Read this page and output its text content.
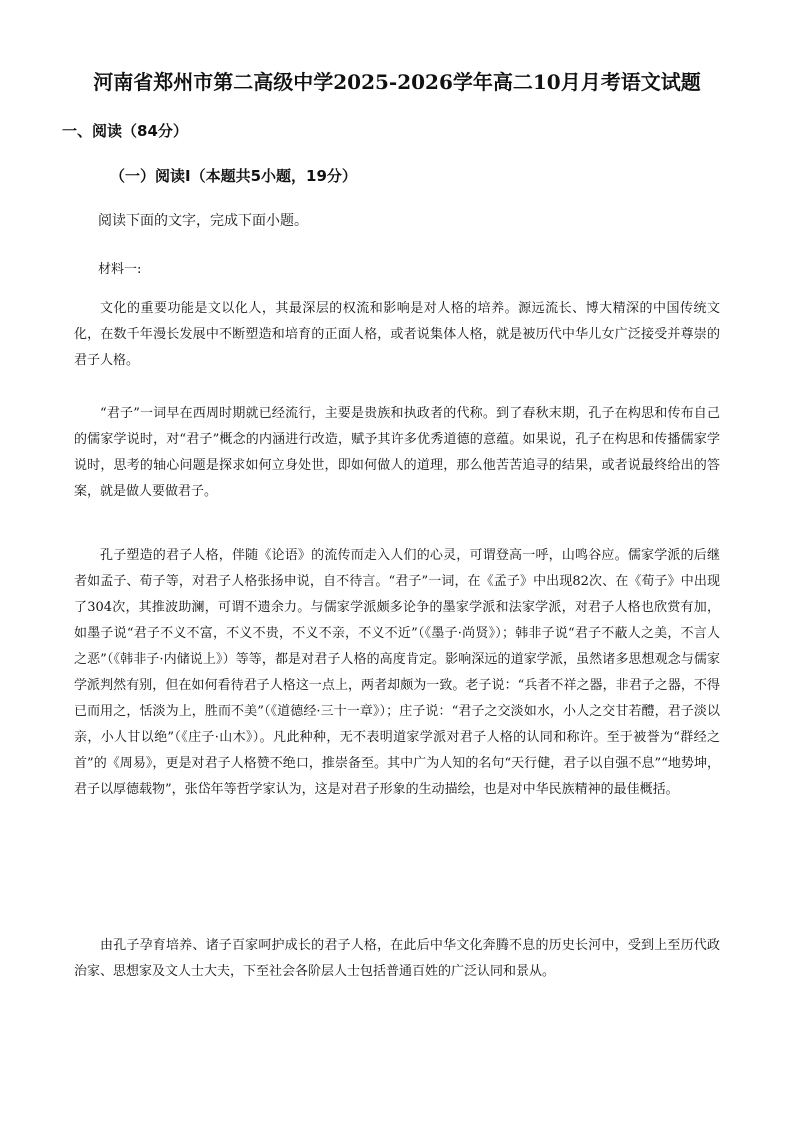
河南省郑州市第二高级中学2025-2026学年高二10月月考语文试题
一、阅读（84分）
（一）阅读Ⅰ（本题共5小题，19分）
阅读下面的文字，完成下面小题。
材料一:

文化的重要功能是文以化人，其最深层的权流和影响是对人格的培养。源远流长、博大精深的中国传统文化，在数千年漫长发展中不断塑造和培育的正面人格，或者说集体人格，就是被历代中华儿女广泛接受并尊崇的君子人格。

“君子”一词早在西周时期就已经流行，主要是贵族和执政者的代称。到了春秋末期，孔子在构思和传布自己的儒家学说时，对“君子”概念的内涵进行改造，赋予其许多优秀道德的意蕴。如果说，孔子在构思和传播儒家学说时，思考的轴心问题是探求如何立身处世，即如何做人的道理，那么他苦苦追寻的结果，或者说最终给出的答案，就是做人要做君子。

孔子塑造的君子人格，伴随《论语》的流传而走入人们的心灵，可谓登高一呼，山鸣谷应。儒家学派的后继者如孟子、荀子等，对君子人格张扬申说，自不待言。“君子”一词，在《孟子》中出现82次、在《荀子》中出现了304次，其推波助澜，可谓不遗余力。与儒家学派颇多论争的墨家学派和法家学派，对君子人格也欣赏有加，如墨子说“君子不义不富，不义不贵，不义不亲，不义不近”（《墨子·尚贤》）；韩非子说“君子不蔽人之美，不言人之恶”（《韩非子·内储说上》）等等，都是对君子人格的高度肯定。影响深远的道家学派，虽然诸多思想观念与儒家学派判然有别，但在如何看待君子人格这一点上，两者却颇为一致。老子说：“兵者不祥之器，非君子之器，不得已而用之，恬淡为上，胜而不美”（《道德经·三十一章》）；庄子说：“君子之交淡如水，小人之交甘若醴，君子淡以亲，小人甘以绝”（《庄子·山木》）。凡此种种，无不表明道家学派对君子人格的认同和称许。至于被誉为“群经之首”的《周易》，更是对君子人格赞不绝口，推崇备至。其中广为人知的名句“天行健，君子以自强不息”“地势坤，君子以厚德载物”，张岱年等哲学家认为，这是对君子形象的生动描绘，也是对中华民族精神的最佳概括。

由孔子孕育培养、诸子百家呵护成长的君子人格，在此后中华文化奔腾不息的历史长河中，受到上至历代政治家、思想家及文人士大夫，下至社会各阶层人士包括普通百姓的广泛认同和景从。
